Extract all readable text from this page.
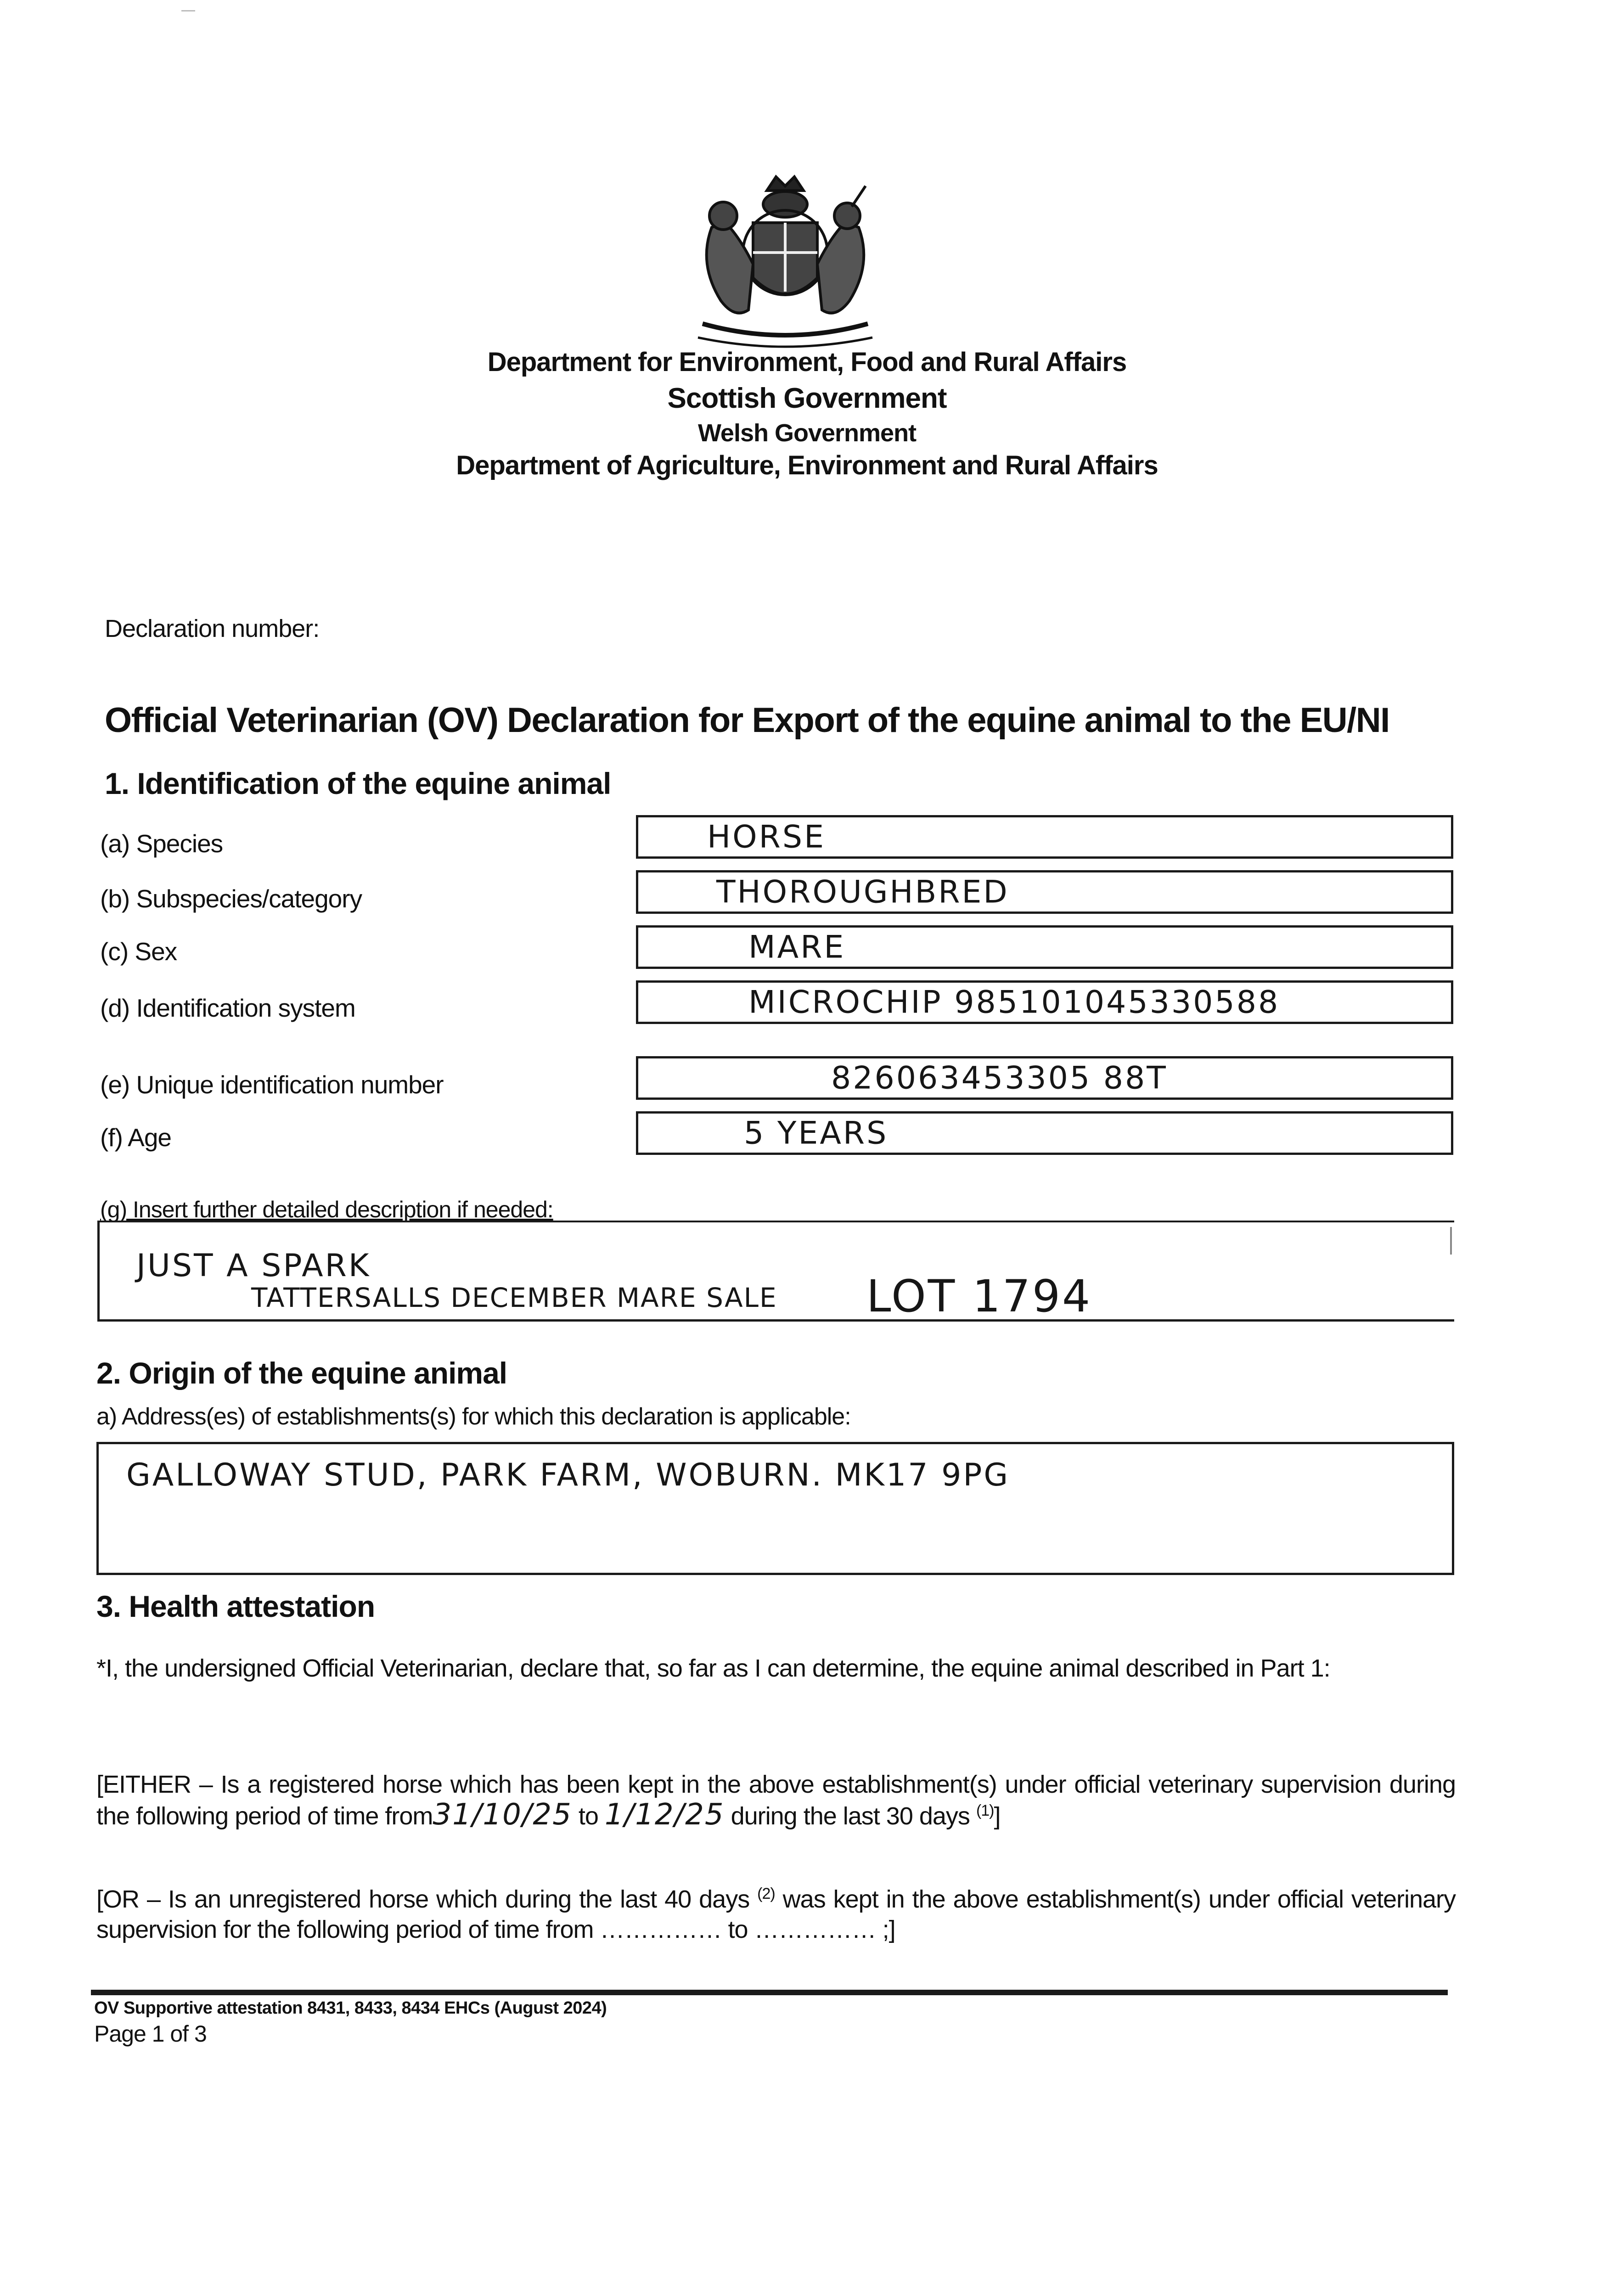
Department for Environment, Food and Rural Affairs
Scottish Government
Welsh Government
Department of Agriculture, Environment and Rural Affairs
Declaration number:
Official Veterinarian (OV) Declaration for Export of the equine animal to the EU/NI
1. Identification of the equine animal
(a) Species	HORSE
(b) Subspecies/category	THOROUGHBRED
(c) Sex	MARE
(d) Identification system	MICROCHIP 985101045330588
(e) Unique identification number	826063453305 88T
(f) Age	5 YEARS
(g) Insert further detailed description if needed:
JUST A SPARK
TATTERSALLS DECEMBER MARE SALE LOT 1794
2. Origin of the equine animal
a) Address(es) of establishments(s) for which this declaration is applicable:
GALLOWAY STUD, PARK FARM, WOBURN. MK17 9PG
3. Health attestation
*I, the undersigned Official Veterinarian, declare that, so far as I can determine, the equine animal described in Part 1:
[EITHER – Is a registered horse which has been kept in the above establishment(s) under official veterinary supervision during the following period of time from31/10/25 to 1/12/25 during the last 30 days $^{(1)}$]
[OR – Is an unregistered horse which during the last 40 days $^{(2)}$ was kept in the above establishment(s) under official veterinary supervision for the following period of time from …………… to …………… ;]
OV Supportive attestation 8431, 8433, 8434 EHCs (August 2024)
Page 1 of 3
